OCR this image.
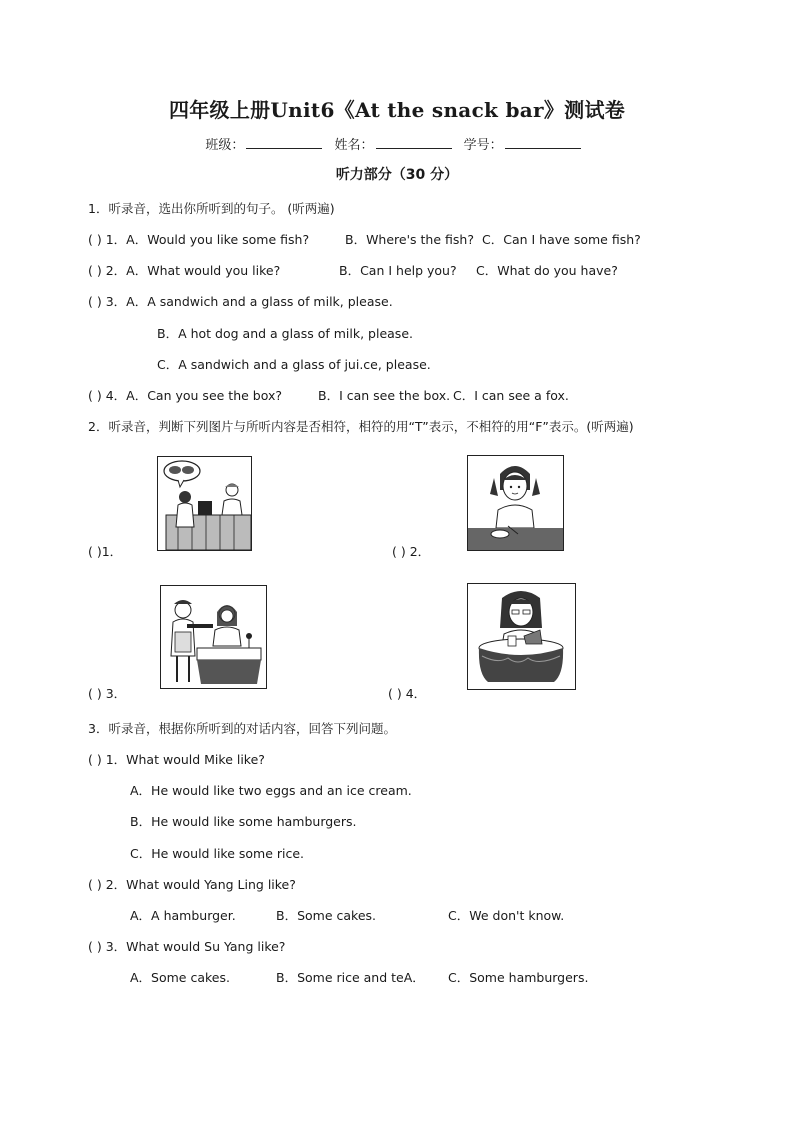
四年级上册Unit6《At the snack bar》测试卷
班级：	姓名：	学号：
听力部分（30 分）
1．听录音，选出你所听到的句子。 (听两遍)
( ) 1．A．Would you like some fish?	B．Where's the fish? C．Can I have some fish?
( ) 2．A．What would you like?	B．Can I help you? C．What do you have?
( ) 3．A．A sandwich and a glass of milk, please.
B．A hot dog and a glass of milk, please.
C．A sandwich and a glass of jui.ce, please.
( ) 4．A．Can you see the box?	B．I can see the box. C．I can see a fox.
2．听录音，判断下列图片与所听内容是否相符，相符的用“T”表示，不相符的用“F”表示。(听两遍)
( )1．	( ) 2．
( ) 3．	( ) 4．
3．听录音，根据你所听到的对话内容，回答下列问题。
( ) 1．What would Mike like?
A．He would like two eggs and an ice cream.
B．He would like some hamburgers.
C．He would like some rice.
( ) 2．What would Yang Ling like?
A．A hamburger.	B．Some cakes.	C．We don't know.
( ) 3．What would Su Yang like?
A．Some cakes.	B．Some rice and teA． C．Some hamburgers.
